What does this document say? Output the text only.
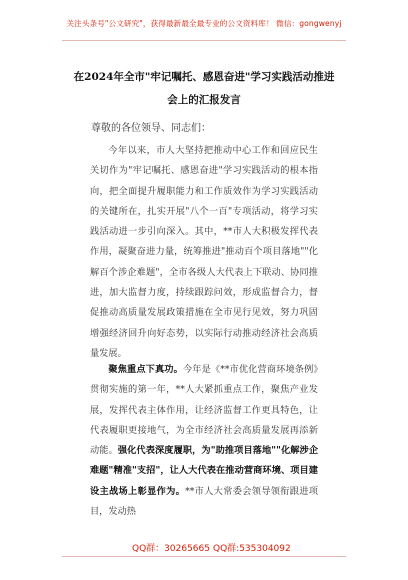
关注头条号"公文研究"，获得最新最全最专业的公文资料库！ 微信：gongwenyj
在2024年全市"牢记嘱托、感恩奋进"学习实践活动推进
会上的汇报发言
尊敬的各位领导、同志们：
今年以来，市人大坚持把推动中心工作和回应民生关切作为"牢记嘱托、感恩奋进"学习实践活动的根本指向，把全面提升履职能力和工作质效作为学习实践活动的关键所在，扎实开展"八个一百"专项活动，将学习实践活动进一步引向深入。其中，**市人大积极发挥代表作用，凝聚奋进力量，统筹推进"推动百个项目落地""化解百个涉企难题"，全市各级人大代表上下联动、协同推进，加大监督力度，持续跟踪问效，形成监督合力，督促推动高质量发展政策措施在全市见行见效，努力巩固增强经济回升向好态势，以实际行动推动经济社会高质量发展。
聚焦重点下真功。今年是《**市优化营商环境条例》贯彻实施的第一年，**人大紧抓重点工作，聚焦产业发展，发挥代表主体作用，让经济监督工作更具特色，让代表履职更接地气，为全市经济社会高质量发展再添新动能。强化代表深度履职，为"助推项目落地""化解涉企难题"精准"支招"，让人大代表在推动营商环境、项目建设主战场上彰显作为。**市人大常委会领导领衔跟进项目，发动热
QQ群：30265665 QQ群:535304092
